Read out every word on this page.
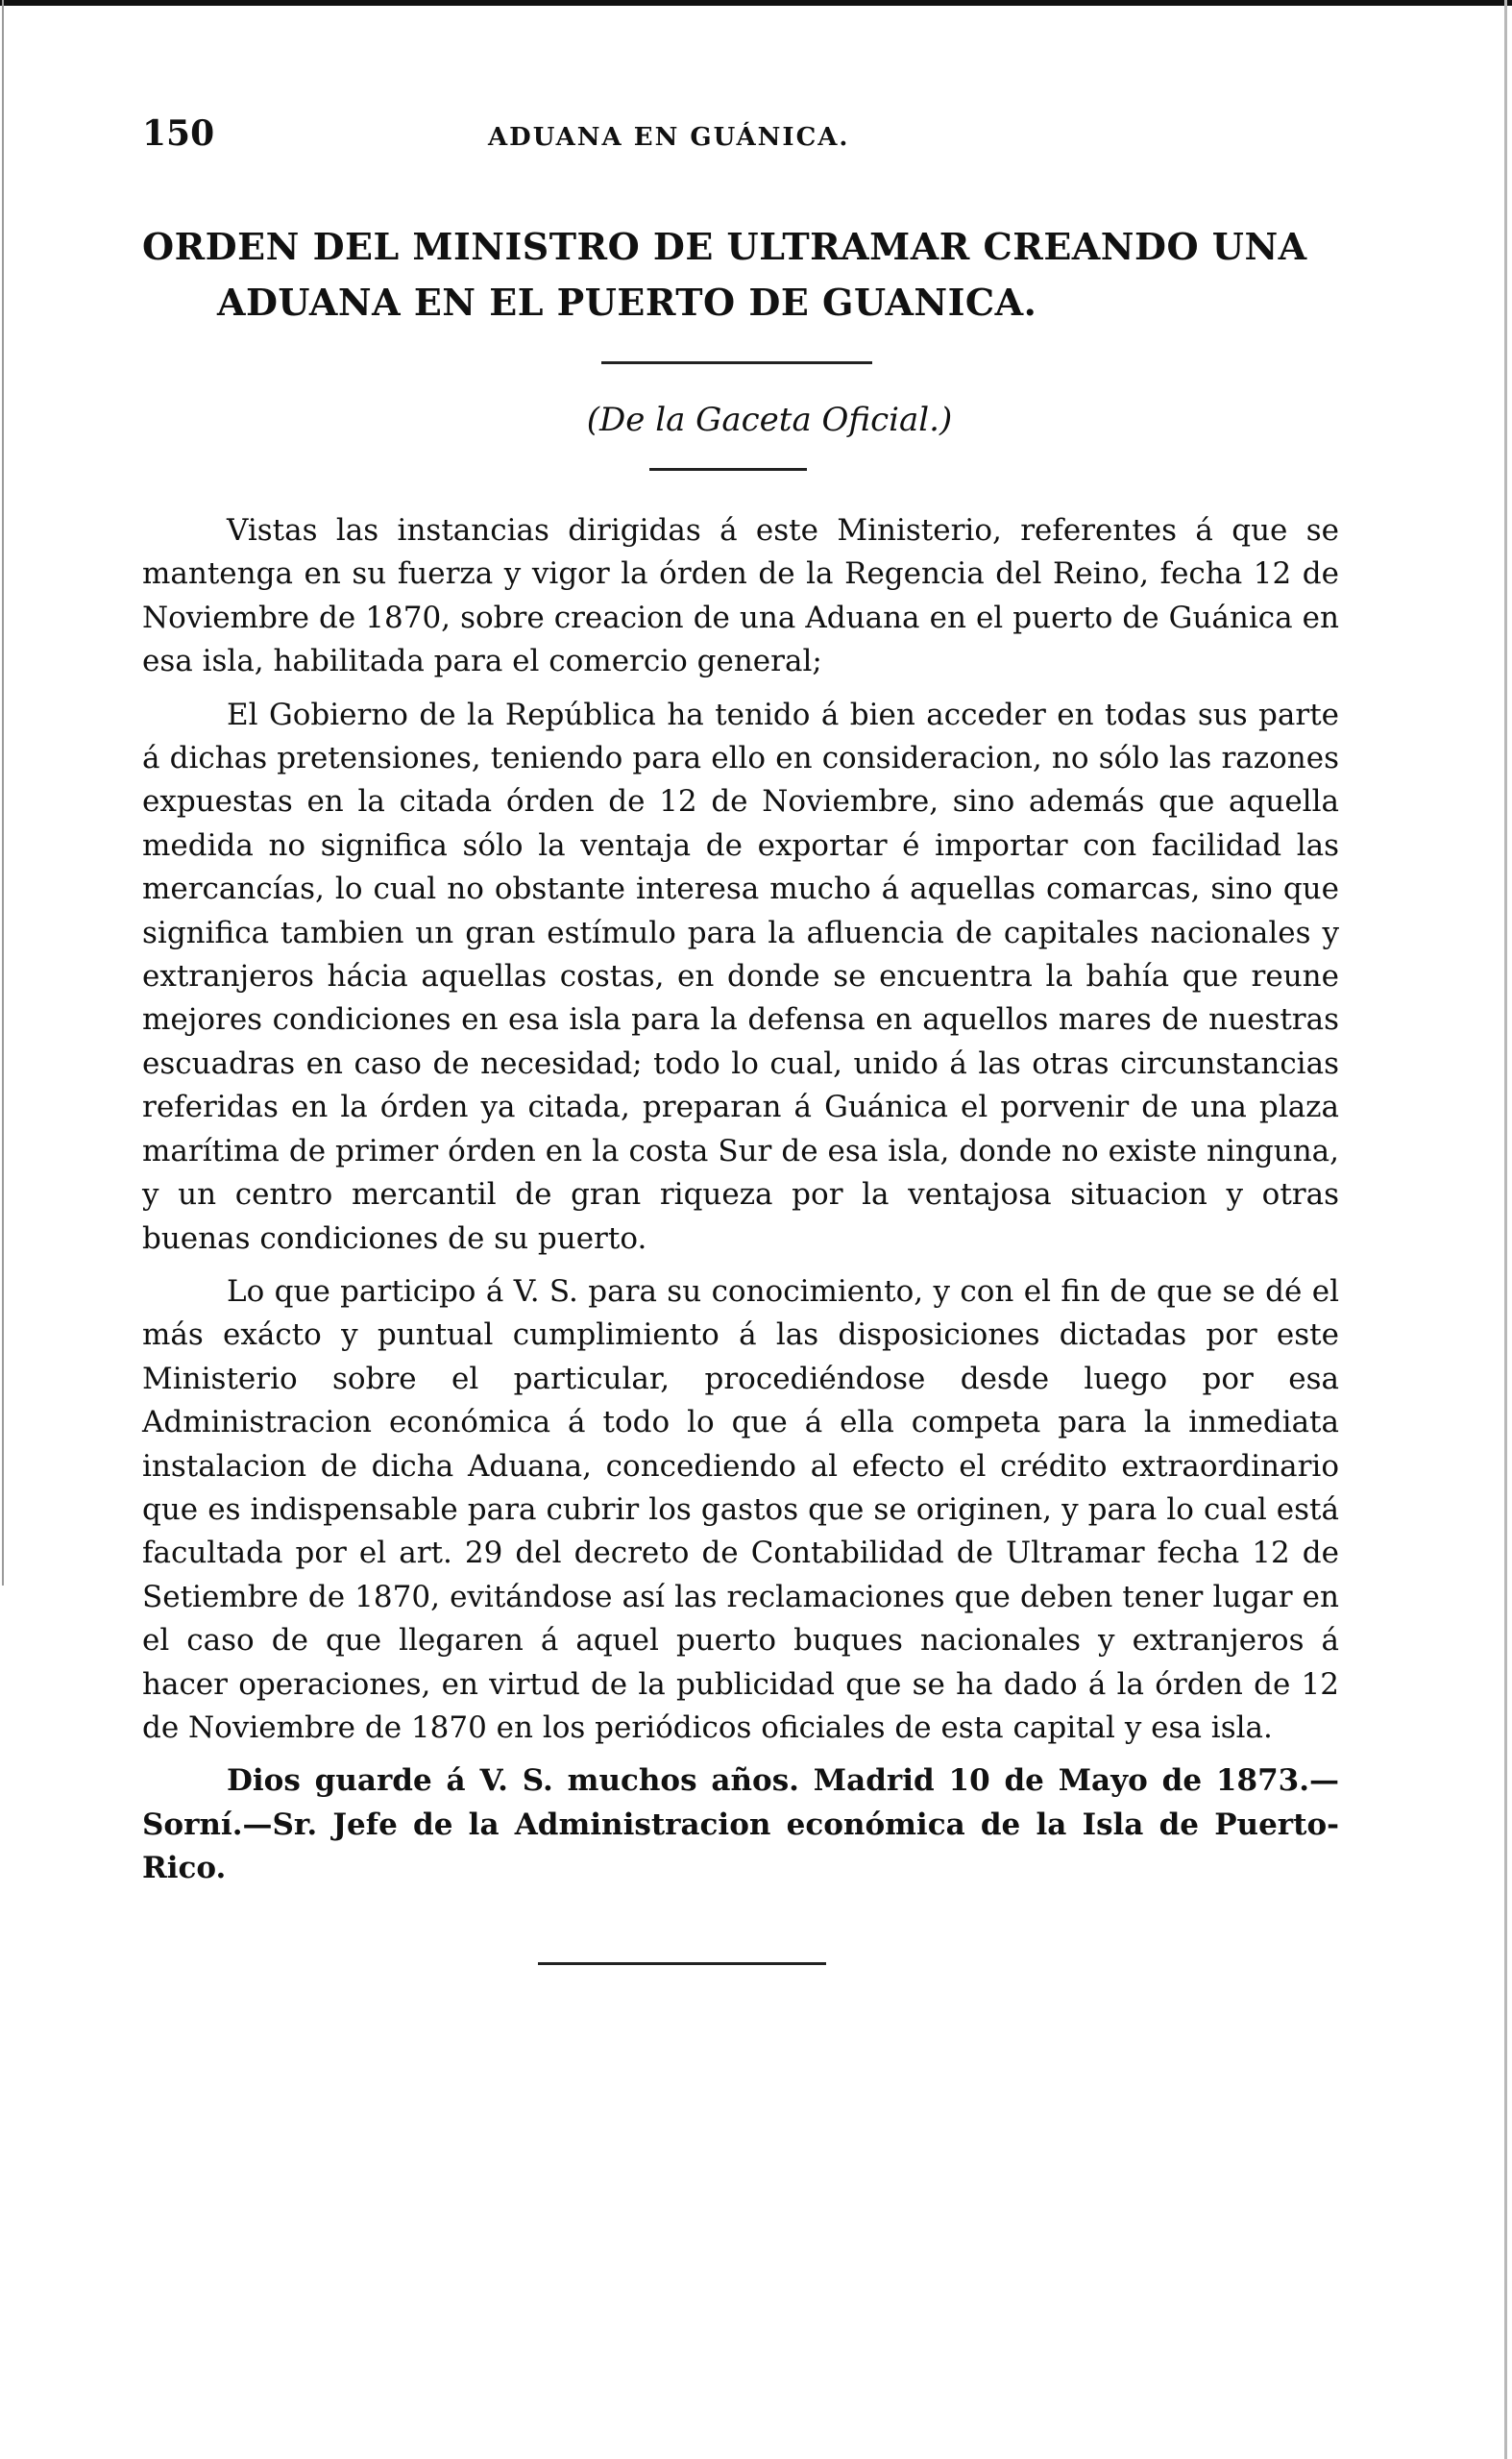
150	ADUANA EN GUÁNICA.
ORDEN DEL MINISTRO DE ULTRAMAR CREANDO UNA
ADUANA EN EL PUERTO DE GUANICA.
(De la Gaceta Oficial.)

Vistas las instancias dirigidas á este Ministerio, referentes á que se mantenga en su fuerza y vigor la órden de la Regencia del Reino, fecha 12 de Noviembre de 1870, sobre creacion de una Aduana en el puerto de Guánica en esa isla, habilitada para el comercio general;

El Gobierno de la República ha tenido á bien acceder en todas sus parte á dichas pretensiones, teniendo para ello en consideracion, no sólo las razones expuestas en la citada órden de 12 de Noviembre, sino además que aquella medida no significa sólo la ventaja de exportar é importar con facilidad las mercancías, lo cual no obstante interesa mucho á aquellas comarcas, sino que significa tambien un gran estímulo para la afluencia de capitales nacionales y extranjeros hácia aquellas costas, en donde se encuentra la bahía que reune mejores condiciones en esa isla para la defensa en aquellos mares de nuestras escuadras en caso de necesidad; todo lo cual, unido á las otras circunstancias referidas en la órden ya citada, preparan á Guánica el porvenir de una plaza marítima de primer órden en la costa Sur de esa isla, donde no existe ninguna, y un centro mercantil de gran riqueza por la ventajosa situacion y otras buenas condiciones de su puerto.

Lo que participo á V. S. para su conocimiento, y con el fin de que se dé el más exácto y puntual cumplimiento á las disposiciones dictadas por este Ministerio sobre el particular, procediéndose desde luego por esa Administracion económica á todo lo que á ella competa para la inmediata instalacion de dicha Aduana, concediendo al efecto el crédito extraordinario que es indispensable para cubrir los gastos que se originen, y para lo cual está facultada por el art. 29 del decreto de Contabilidad de Ultramar fecha 12 de Setiembre de 1870, evitándose así las reclamaciones que deben tener lugar en el caso de que llegaren á aquel puerto buques nacionales y extranjeros á hacer operaciones, en virtud de la publicidad que se ha dado á la órden de 12 de Noviembre de 1870 en los periódicos oficiales de esta capital y esa isla.

Dios guarde á V. S. muchos años. Madrid 10 de Mayo de 1873.—Sorní.—Sr. Jefe de la Administracion económica de la Isla de Puerto-Rico.
